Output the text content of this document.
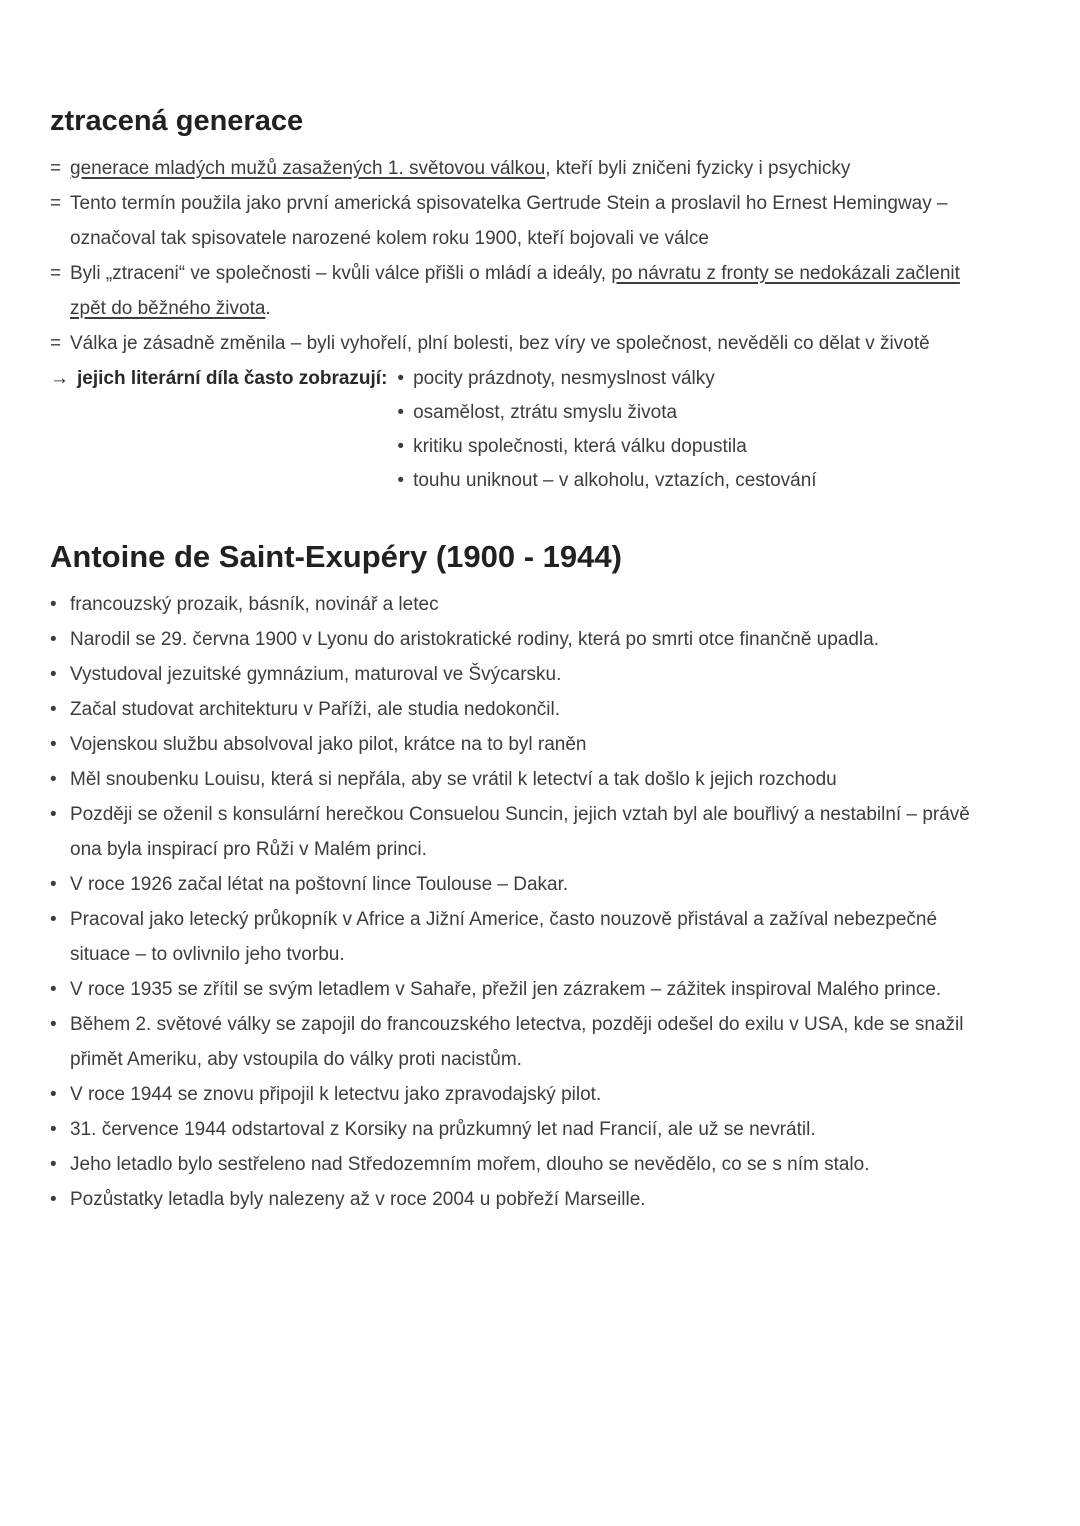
ztracená generace
= generace mladých mužů zasažených 1. světovou válkou, kteří byli zničeni fyzicky i psychicky
= Tento termín použila jako první americká spisovatelka Gertrude Stein a proslavil ho Ernest Hemingway – označoval tak spisovatele narozené kolem roku 1900, kteří bojovali ve válce
= Byli „ztraceni“ ve společnosti – kvůli válce přišli o mládí a ideály, po návratu z fronty se nedokázali začlenit zpět do běžného života.
= Válka je zásadně změnila – byli vyhořelí, plní bolesti, bez víry ve společnost, nevěděli co dělat v životě
→ jejich literární díla často zobrazují: • pocity prázdnoty, nesmyslnost války
• osamělost, ztrátu smyslu života
• kritiku společnosti, která válku dopustila
• touhu uniknout – v alkoholu, vztazích, cestování
Antoine de Saint-Exupéry (1900 - 1944)
• francouzský prozaik, básník, novinář a letec
• Narodil se 29. června 1900 v Lyonu do aristokratické rodiny, která po smrti otce finančně upadla.
• Vystudoval jezuitské gymnázium, maturoval ve Švýcarsku.
• Začal studovat architekturu v Paříži, ale studia nedokončil.
• Vojenskou službu absolvoval jako pilot, krátce na to byl raněn
• Měl snoubenku Louisu, která si nepřála, aby se vrátil k letectví a tak došlo k jejich rozchodu
• Později se oženil s konsulární herečkou Consuelou Suncin, jejich vztah byl ale bouřlivý a nestabilní – právě ona byla inspirací pro Růži v Malém princi.
• V roce 1926 začal létat na poštovní lince Toulouse – Dakar.
• Pracoval jako letecký průkopník v Africe a Jižní Americe, často nouzově přistával a zažíval nebezpečné situace – to ovlivnilo jeho tvorbu.
• V roce 1935 se zřítil se svým letadlem v Sahaře, přežil jen zázrakem – zážitek inspiroval Malého prince.
• Během 2. světové války se zapojil do francouzského letectva, později odešel do exilu v USA, kde se snažil přimět Ameriku, aby vstoupila do války proti nacistům.
• V roce 1944 se znovu připojil k letectvu jako zpravodajský pilot.
• 31. července 1944 odstartoval z Korsiky na průzkumný let nad Francií, ale už se nevrátil.
• Jeho letadlo bylo sestřeleno nad Středozemním mořem, dlouho se nevědělo, co se s ním stalo.
• Pozůstatky letadla byly nalezeny až v roce 2004 u pobřeží Marseille.
